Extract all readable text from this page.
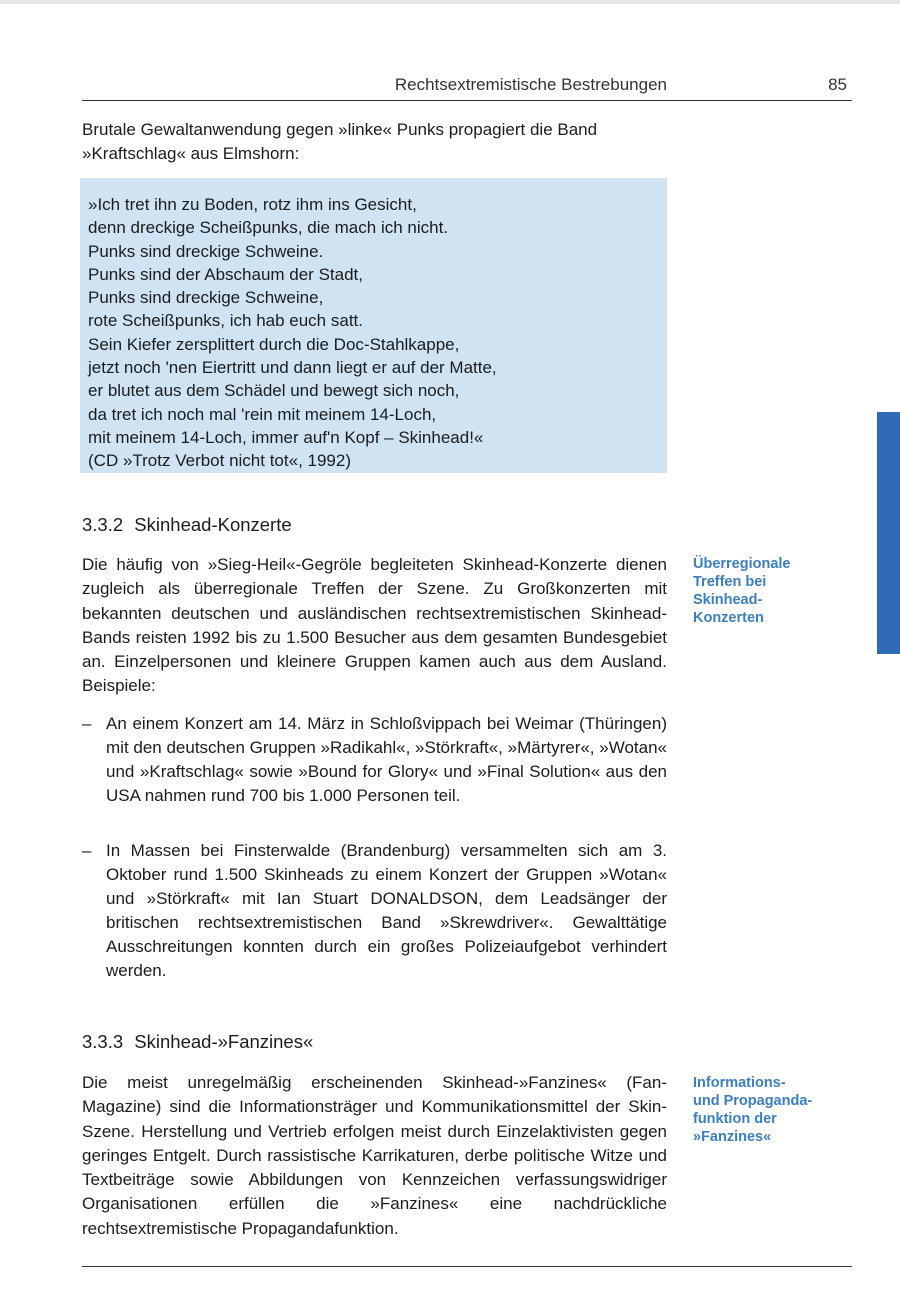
Rechtsextremistische Bestrebungen	85

Brutale Gewaltanwendung gegen »linke« Punks propagiert die Band »Kraftschlag« aus Elmshorn:

»Ich tret ihn zu Boden, rotz ihm ins Gesicht,
denn dreckige Scheißpunks, die mach ich nicht.
Punks sind dreckige Schweine.
Punks sind der Abschaum der Stadt,
Punks sind dreckige Schweine,
rote Scheißpunks, ich hab euch satt.
Sein Kiefer zersplittert durch die Doc-Stahlkappe,
jetzt noch 'nen Eiertritt und dann liegt er auf der Matte,
er blutet aus dem Schädel und bewegt sich noch,
da tret ich noch mal 'rein mit meinem 14-Loch,
mit meinem 14-Loch, immer auf'n Kopf – Skinhead!«
(CD »Trotz Verbot nicht tot«, 1992)

3.3.2 Skinhead-Konzerte

Die häufig von »Sieg-Heil«-Gegröle begleiteten Skinhead-Konzerte dienen zugleich als überregionale Treffen der Szene. Zu Großkonzerten mit bekannten deutschen und ausländischen rechtsextremistischen Skinhead-Bands reisten 1992 bis zu 1.500 Besucher aus dem gesamten Bundesgebiet an. Einzelpersonen und kleinere Gruppen kamen auch aus dem Ausland. Beispiele:

Überregionale
Treffen bei
Skinhead-
Konzerten

– An einem Konzert am 14. März in Schloßvippach bei Weimar (Thüringen) mit den deutschen Gruppen »Radikahl«, »Störkraft«, »Märtyrer«, »Wotan« und »Kraftschlag« sowie »Bound for Glory« und »Final Solution« aus den USA nahmen rund 700 bis 1.000 Personen teil.
– In Massen bei Finsterwalde (Brandenburg) versammelten sich am 3. Oktober rund 1.500 Skinheads zu einem Konzert der Gruppen »Wotan« und »Störkraft« mit Ian Stuart DONALDSON, dem Leadsänger der britischen rechtsextremistischen Band »Skrewdriver«. Gewalttätige Ausschreitungen konnten durch ein großes Polizeiaufgebot verhindert werden.
3.3.3 Skinhead-»Fanzines«

Die meist unregelmäßig erscheinenden Skinhead-»Fanzines« (Fan-Magazine) sind die Informationsträger und Kommunikationsmittel der Skin-Szene. Herstellung und Vertrieb erfolgen meist durch Einzelaktivisten gegen geringes Entgelt. Durch rassistische Karrikaturen, derbe politische Witze und Textbeiträge sowie Abbildungen von Kennzeichen verfassungswidriger Organisationen erfüllen die »Fanzines« eine nachdrückliche rechtsextremistische Propagandafunktion.

Informations-
und Propaganda-
funktion der
»Fanzines«
